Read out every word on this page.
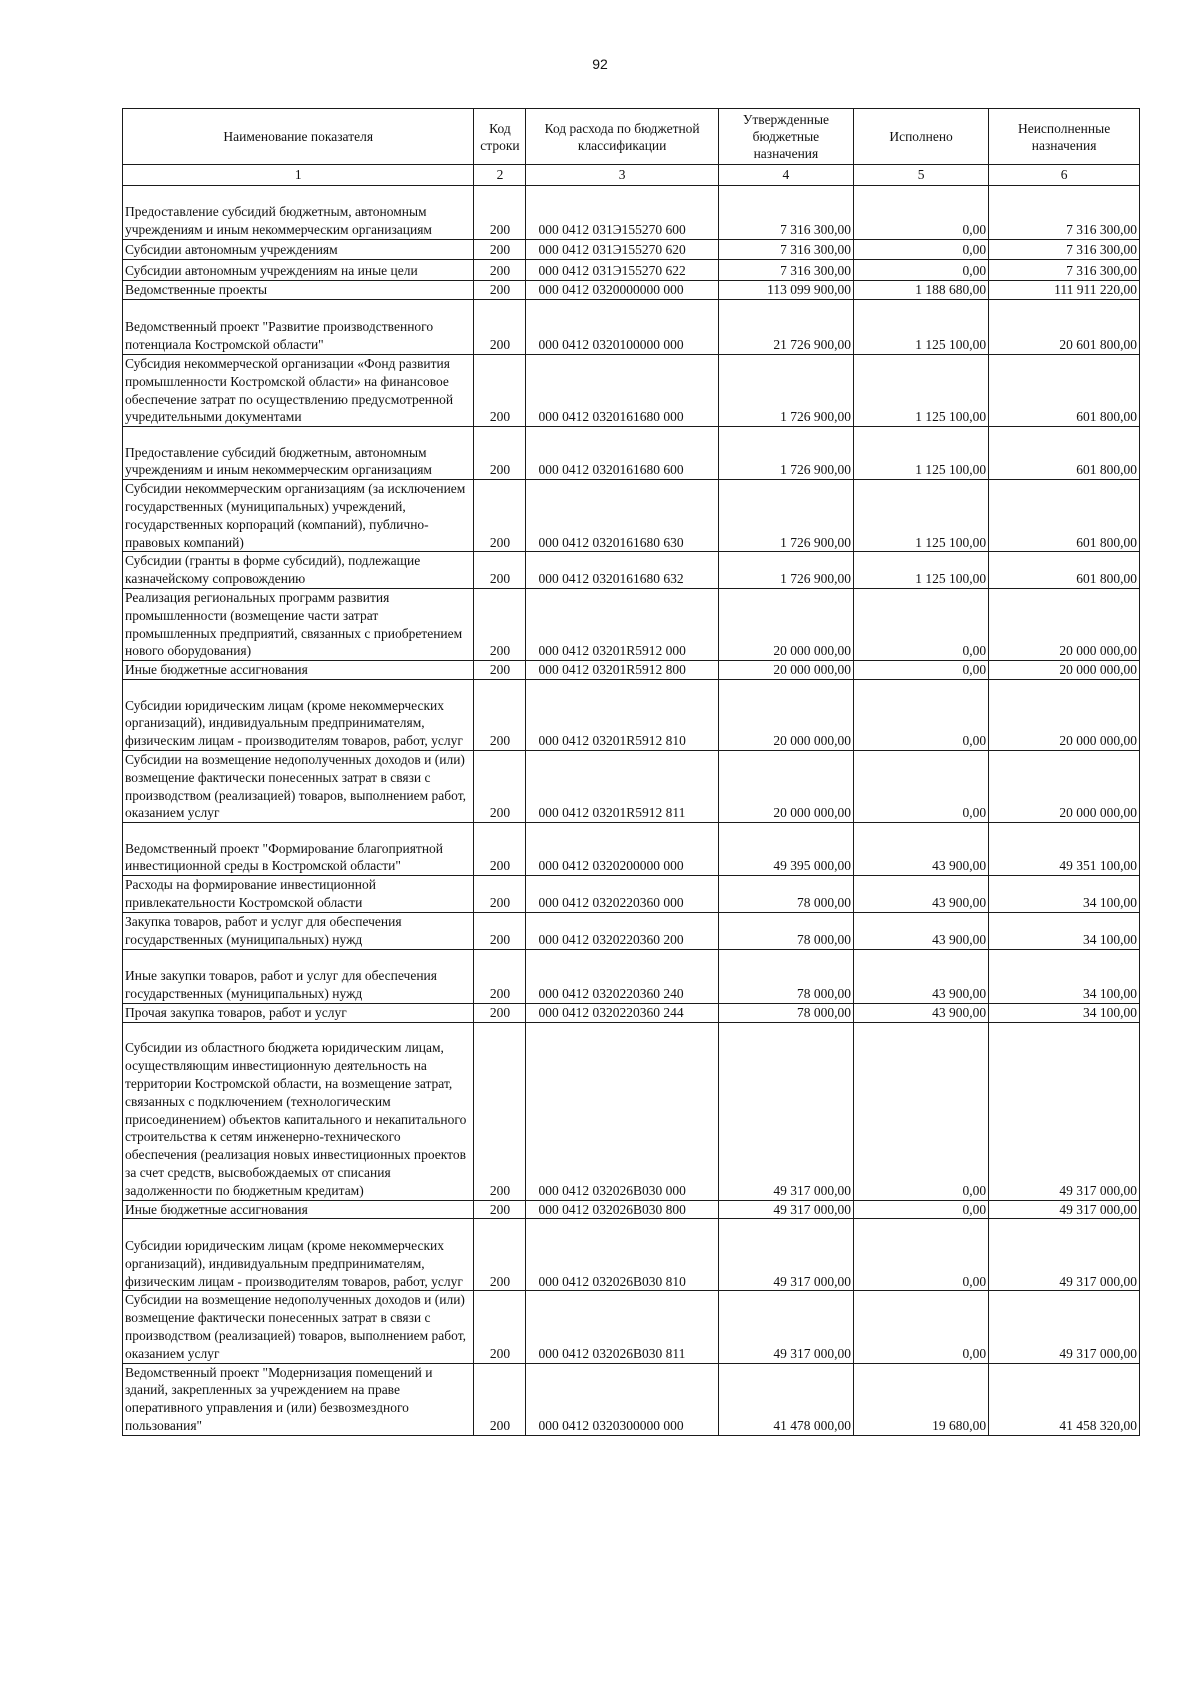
92
Наименование показателя	Код строки	Код расхода по бюджетной классификации	Утвержденные бюджетные назначения	Исполнено	Неисполненные назначения
1	2	3	4	5	6
Предоставление субсидий бюджетным, автономным учреждениям и иным некоммерческим организациям	200	000 0412 031Э155270 600	7 316 300,00	0,00	7 316 300,00
Субсидии автономным учреждениям	200	000 0412 031Э155270 620	7 316 300,00	0,00	7 316 300,00
Субсидии автономным учреждениям на иные цели	200	000 0412 031Э155270 622	7 316 300,00	0,00	7 316 300,00
Ведомственные проекты	200	000 0412 0320000000 000	113 099 900,00	1 188 680,00	111 911 220,00
Ведомственный проект "Развитие производственного потенциала Костромской области"	200	000 0412 0320100000 000	21 726 900,00	1 125 100,00	20 601 800,00
Субсидия некоммерческой организации «Фонд развития промышленности Костромской области» на финансовое обеспечение затрат по осуществлению предусмотренной учредительными документами	200	000 0412 0320161680 000	1 726 900,00	1 125 100,00	601 800,00
Предоставление субсидий бюджетным, автономным учреждениям и иным некоммерческим организациям	200	000 0412 0320161680 600	1 726 900,00	1 125 100,00	601 800,00
Субсидии некоммерческим организациям (за исключением государственных (муниципальных) учреждений, государственных корпораций (компаний), публично-правовых компаний)	200	000 0412 0320161680 630	1 726 900,00	1 125 100,00	601 800,00
Субсидии (гранты в форме субсидий), подлежащие казначейскому сопровождению	200	000 0412 0320161680 632	1 726 900,00	1 125 100,00	601 800,00
Реализация региональных программ развития промышленности (возмещение части затрат промышленных предприятий, связанных с приобретением нового оборудования)	200	000 0412 03201R5912 000	20 000 000,00	0,00	20 000 000,00
Иные бюджетные ассигнования	200	000 0412 03201R5912 800	20 000 000,00	0,00	20 000 000,00
Субсидии юридическим лицам (кроме некоммерческих организаций), индивидуальным предпринимателям, физическим лицам - производителям товаров, работ, услуг	200	000 0412 03201R5912 810	20 000 000,00	0,00	20 000 000,00
Субсидии на возмещение недополученных доходов и (или) возмещение фактически понесенных затрат в связи с производством (реализацией) товаров, выполнением работ, оказанием услуг	200	000 0412 03201R5912 811	20 000 000,00	0,00	20 000 000,00
Ведомственный проект "Формирование благоприятной инвестиционной среды в Костромской области"	200	000 0412 0320200000 000	49 395 000,00	43 900,00	49 351 100,00
Расходы на формирование инвестиционной привлекательности Костромской области	200	000 0412 0320220360 000	78 000,00	43 900,00	34 100,00
Закупка товаров, работ и услуг для обеспечения государственных (муниципальных) нужд	200	000 0412 0320220360 200	78 000,00	43 900,00	34 100,00
Иные закупки товаров, работ и услуг для обеспечения государственных (муниципальных) нужд	200	000 0412 0320220360 240	78 000,00	43 900,00	34 100,00
Прочая закупка товаров, работ и услуг	200	000 0412 0320220360 244	78 000,00	43 900,00	34 100,00
Субсидии из областного бюджета юридическим лицам, осуществляющим инвестиционную деятельность на территории Костромской области, на возмещение затрат, связанных с подключением (технологическим присоединением) объектов капитального и некапитального строительства к сетям инженерно-технического обеспечения (реализация новых инвестиционных проектов за счет средств, высвобождаемых от списания задолженности по бюджетным кредитам)	200	000 0412 032026В030 000	49 317 000,00	0,00	49 317 000,00
Иные бюджетные ассигнования	200	000 0412 032026В030 800	49 317 000,00	0,00	49 317 000,00
Субсидии юридическим лицам (кроме некоммерческих организаций), индивидуальным предпринимателям, физическим лицам - производителям товаров, работ, услуг	200	000 0412 032026В030 810	49 317 000,00	0,00	49 317 000,00
Субсидии на возмещение недополученных доходов и (или) возмещение фактически понесенных затрат в связи с производством (реализацией) товаров, выполнением работ, оказанием услуг	200	000 0412 032026В030 811	49 317 000,00	0,00	49 317 000,00
Ведомственный проект "Модернизация помещений и зданий, закрепленных за учреждением на праве оперативного управления и (или) безвозмездного пользования"	200	000 0412 0320300000 000	41 478 000,00	19 680,00	41 458 320,00
